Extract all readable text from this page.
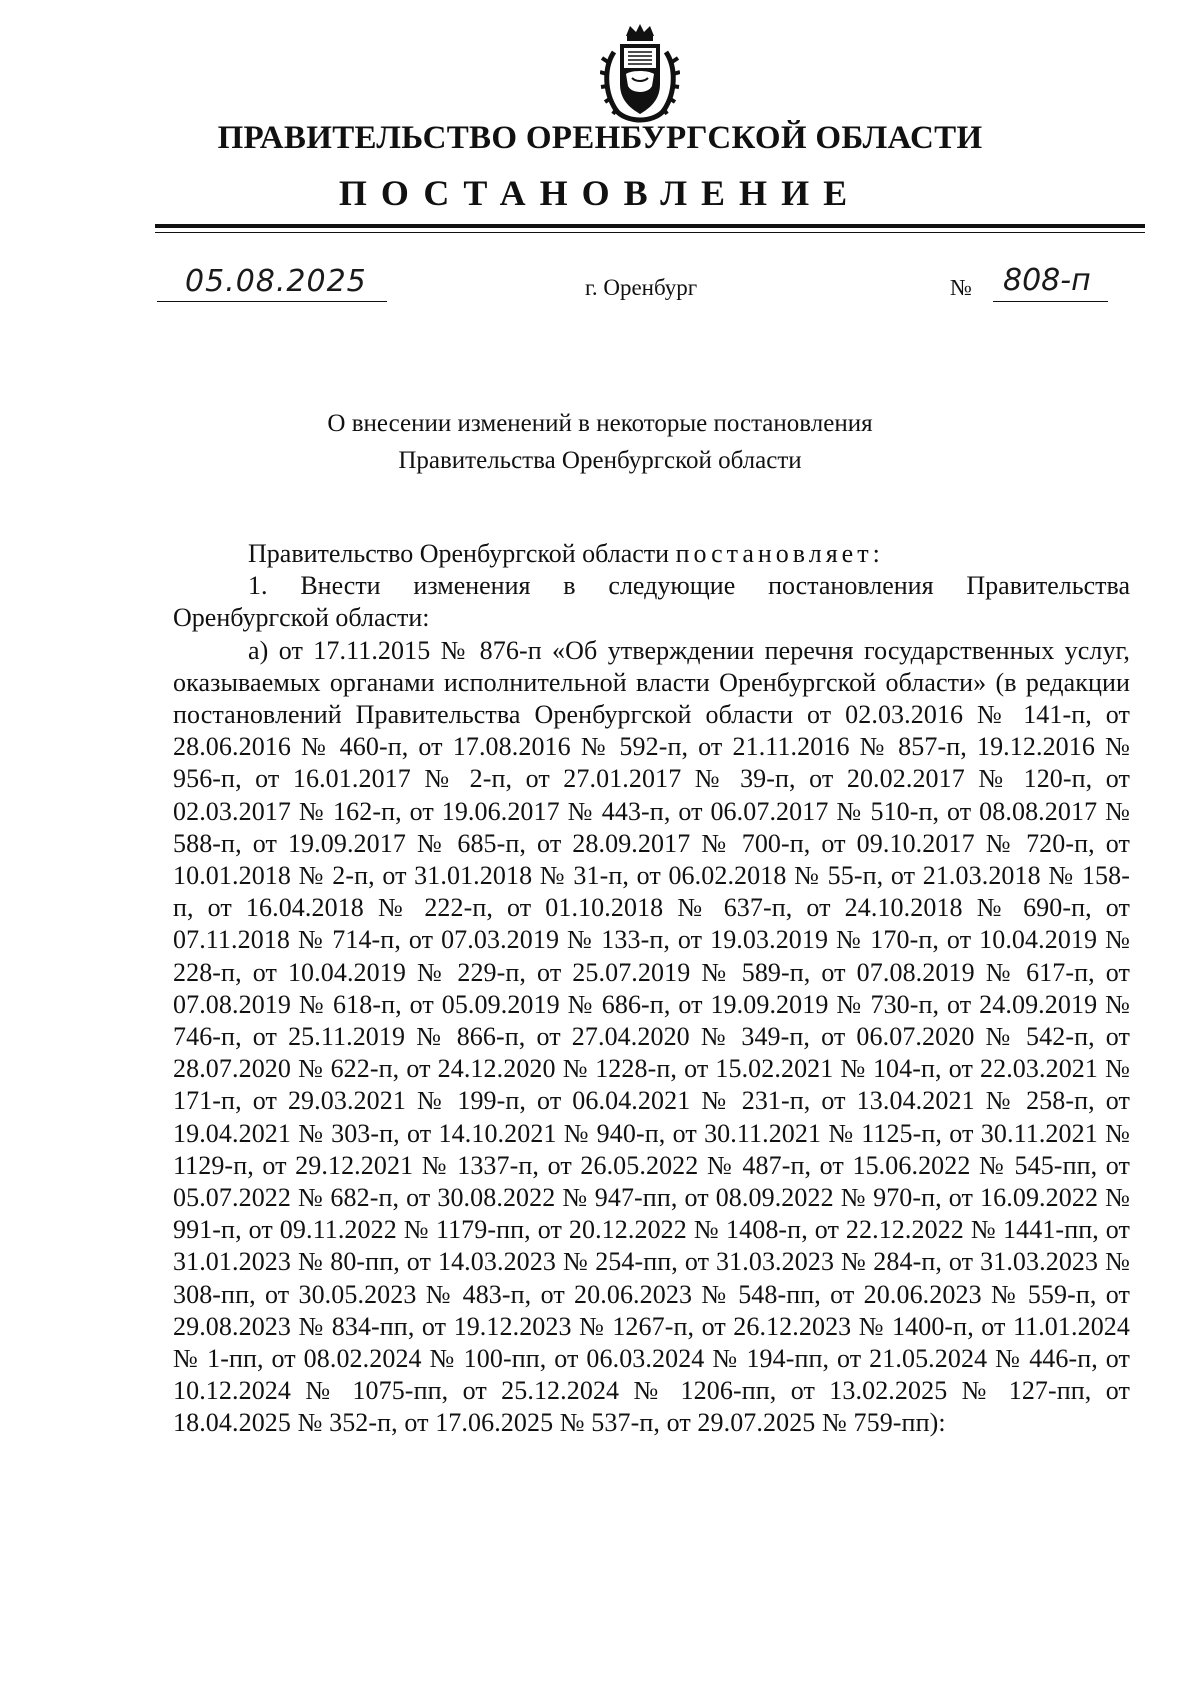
ПРАВИТЕЛЬСТВО ОРЕНБУРГСКОЙ ОБЛАСТИ
ПОСТАНОВЛЕНИЕ
05.08.2025	г. Оренбург	№ 808-п
О внесении изменений в некоторые постановления
Правительства Оренбургской области

Правительство Оренбургской области постановляет:

1. Внести изменения в следующие постановления Правительства Оренбургской области:

а) от 17.11.2015 № 876-п «Об утверждении перечня государственных услуг, оказываемых органами исполнительной власти Оренбургской области» (в редакции постановлений Правительства Оренбургской области от 02.03.2016 № 141-п, от 28.06.2016 № 460-п, от 17.08.2016 № 592-п, от 21.11.2016 № 857-п, 19.12.2016 № 956-п, от 16.01.2017 № 2-п, от 27.01.2017 № 39-п, от 20.02.2017 № 120-п, от 02.03.2017 № 162-п, от 19.06.2017 № 443-п, от 06.07.2017 № 510-п, от 08.08.2017 № 588-п, от 19.09.2017 № 685-п, от 28.09.2017 № 700-п, от 09.10.2017 № 720-п, от 10.01.2018 № 2-п, от 31.01.2018 № 31-п, от 06.02.2018 № 55-п, от 21.03.2018 № 158-п, от 16.04.2018 № 222-п, от 01.10.2018 № 637-п, от 24.10.2018 № 690-п, от 07.11.2018 № 714-п, от 07.03.2019 № 133-п, от 19.03.2019 № 170-п, от 10.04.2019 № 228-п, от 10.04.2019 № 229-п, от 25.07.2019 № 589-п, от 07.08.2019 № 617-п, от 07.08.2019 № 618-п, от 05.09.2019 № 686-п, от 19.09.2019 № 730-п, от 24.09.2019 № 746-п, от 25.11.2019 № 866-п, от 27.04.2020 № 349-п, от 06.07.2020 № 542-п, от 28.07.2020 № 622-п, от 24.12.2020 № 1228-п, от 15.02.2021 № 104-п, от 22.03.2021 № 171-п, от 29.03.2021 № 199-п, от 06.04.2021 № 231-п, от 13.04.2021 № 258-п, от 19.04.2021 № 303-п, от 14.10.2021 № 940-п, от 30.11.2021 № 1125-п, от 30.11.2021 № 1129-п, от 29.12.2021 № 1337-п, от 26.05.2022 № 487-п, от 15.06.2022 № 545-пп, от 05.07.2022 № 682-п, от 30.08.2022 № 947-пп, от 08.09.2022 № 970-п, от 16.09.2022 № 991-п, от 09.11.2022 № 1179-пп, от 20.12.2022 № 1408-п, от 22.12.2022 № 1441-пп, от 31.01.2023 № 80-пп, от 14.03.2023 № 254-пп, от 31.03.2023 № 284-п, от 31.03.2023 № 308-пп, от 30.05.2023 № 483-п, от 20.06.2023 № 548-пп, от 20.06.2023 № 559-п, от 29.08.2023 № 834-пп, от 19.12.2023 № 1267-п, от 26.12.2023 № 1400-п, от 11.01.2024 № 1-пп, от 08.02.2024 № 100-пп, от 06.03.2024 № 194-пп, от 21.05.2024 № 446-п, от 10.12.2024 № 1075-пп, от 25.12.2024 № 1206-пп, от 13.02.2025 № 127-пп, от 18.04.2025 № 352-п, от 17.06.2025 № 537-п, от 29.07.2025 № 759-пп):
